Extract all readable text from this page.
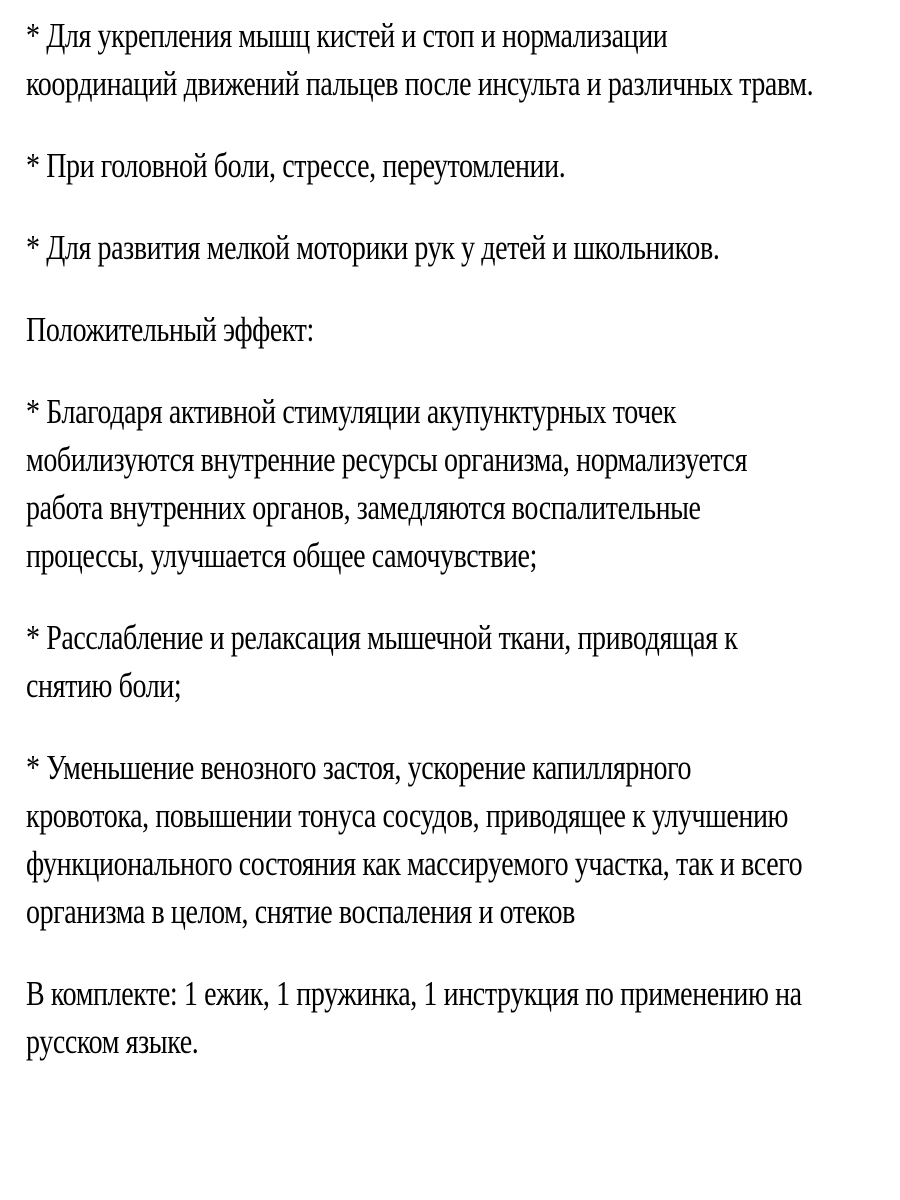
* Для укрепления мышц кистей и стоп и нормализации
координаций движений пальцев после инсульта и различных травм.

* При головной боли, стрессе, переутомлении.

* Для развития мелкой моторики рук у детей и школьников.

Положительный эффект:

* Благодаря активной стимуляции акупунктурных точек
мобилизуются внутренние ресурсы организма, нормализуется
работа внутренних органов, замедляются воспалительные
процессы, улучшается общее самочувствие;

* Расслабление и релаксация мышечной ткани, приводящая к
снятию боли;

* Уменьшение венозного застоя, ускорение капиллярного
кровотока, повышении тонуса сосудов, приводящее к улучшению
функционального состояния как массируемого участка, так и всего
организма в целом, снятие воспаления и отеков

В комплекте: 1 ежик, 1 пружинка, 1 инструкция по применению на
русском языке.
